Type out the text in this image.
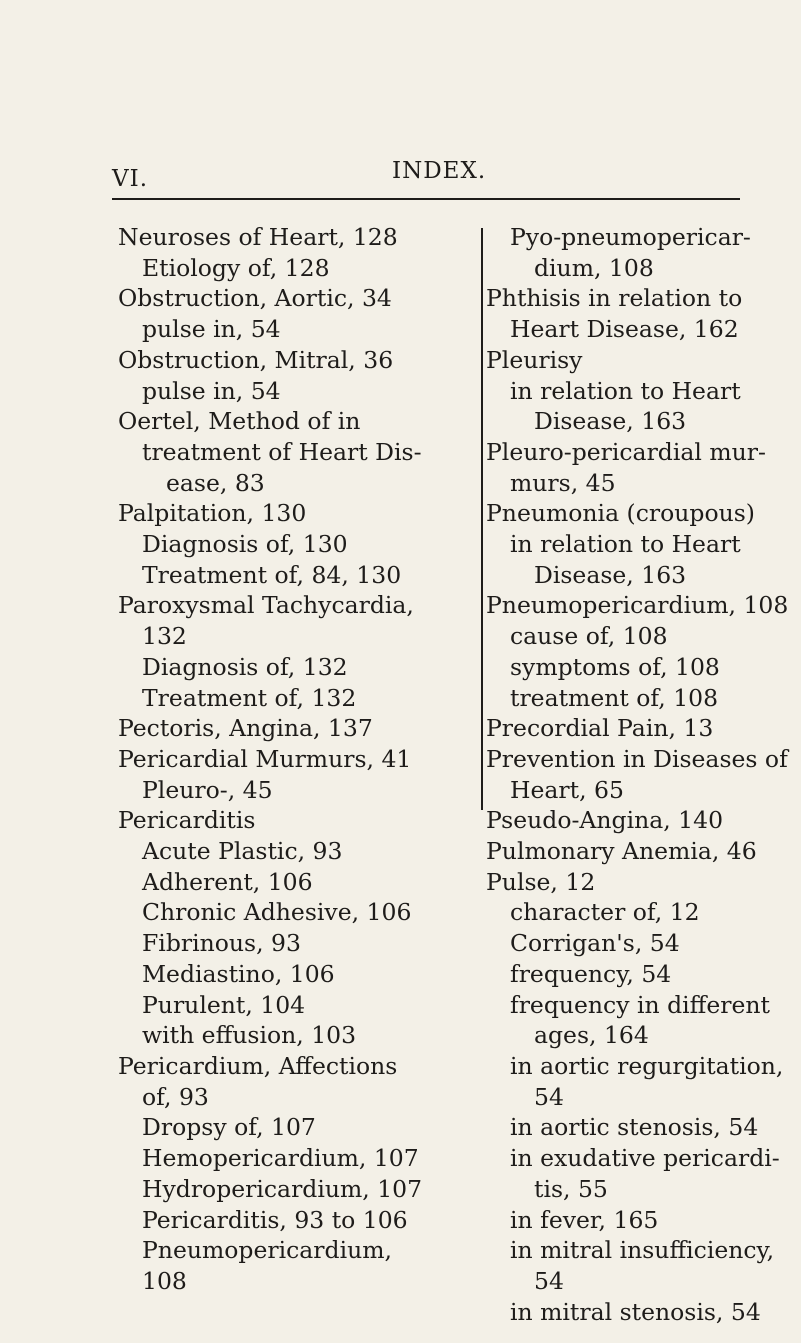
VI.	INDEX.
Neuroses of Heart, 128
Etiology of, 128
Obstruction, Aortic, 34
pulse in, 54
Obstruction, Mitral, 36
pulse in, 54
Oertel, Method of in
treatment of Heart Dis-
ease, 83
Palpitation, 130
Diagnosis of, 130
Treatment of, 84, 130
Paroxysmal Tachycardia,
132
Diagnosis of, 132
Treatment of, 132
Pectoris, Angina, 137
Pericardial Murmurs, 41
Pleuro-, 45
Pericarditis
Acute Plastic, 93
Adherent, 106
Chronic Adhesive, 106
Fibrinous, 93
Mediastino, 106
Purulent, 104
with effusion, 103
Pericardium, Affections
of, 93
Dropsy of, 107
Hemopericardium, 107
Hydropericardium, 107
Pericarditis, 93 to 106
Pneumopericardium,
108
Pyo-pneumopericar-
dium, 108
Phthisis in relation to
Heart Disease, 162
Pleurisy
in relation to Heart
Disease, 163
Pleuro-pericardial mur-
murs, 45
Pneumonia (croupous)
in relation to Heart
Disease, 163
Pneumopericardium, 108
cause of, 108
symptoms of, 108
treatment of, 108
Precordial Pain, 13
Prevention in Diseases of
Heart, 65
Pseudo-Angina, 140
Pulmonary Anemia, 46
Pulse, 12
character of, 12
Corrigan's, 54
frequency, 54
frequency in different
ages, 164
in aortic regurgitation,
54
in aortic stenosis, 54
in exudative pericardi-
tis, 55
in fever, 165
in mitral insufficiency,
54
in mitral stenosis, 54
